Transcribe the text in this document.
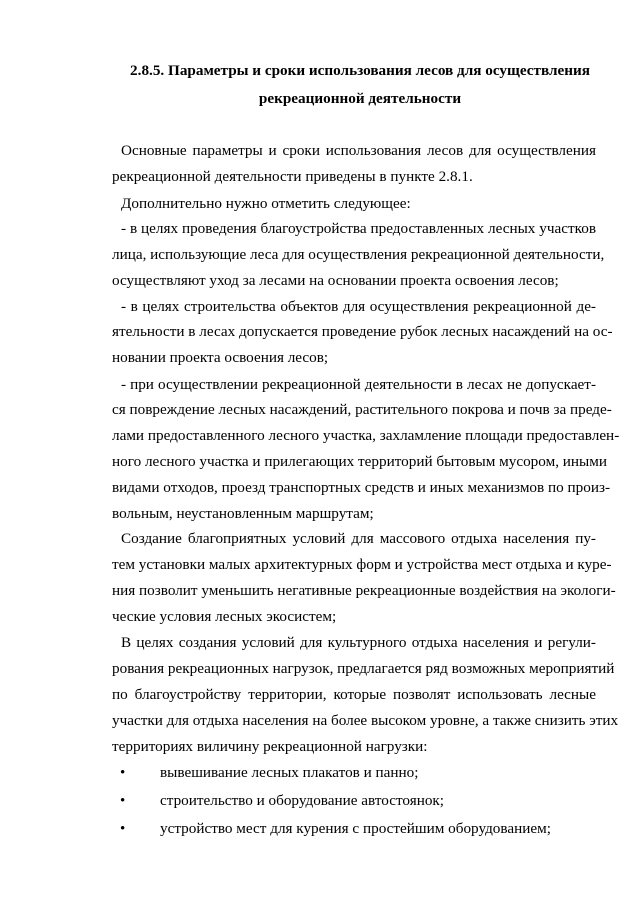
2.8.5. Параметры и сроки использования лесов для осуществления
рекреационной деятельности
Основные параметры и сроки использования лесов для осуществления
рекреационной деятельности приведены в пункте 2.8.1.
Дополнительно нужно отметить следующее:
- в целях проведения благоустройства предоставленных лесных участков
лица, использующие леса для осуществления рекреационной деятельности,
осуществляют уход за лесами на основании проекта освоения лесов;
- в целях строительства объектов для осуществления рекреационной де-
ятельности в лесах допускается проведение рубок лесных насаждений на ос-
новании проекта освоения лесов;
- при осуществлении рекреационной деятельности в лесах не допускает-
ся повреждение лесных насаждений, растительного покрова и почв за преде-
лами предоставленного лесного участка, захламление площади предоставлен-
ного лесного участка и прилегающих территорий бытовым мусором, иными
видами отходов, проезд транспортных средств и иных механизмов по произ-
вольным, неустановленным маршрутам;
Создание благоприятных условий для массового отдыха населения пу-
тем установки малых архитектурных форм и устройства мест отдыха и куре-
ния позволит уменьшить негативные рекреационные воздействия на экологи-
ческие условия лесных экосистем;
В целях создания условий для культурного отдыха населения и регули-
рования рекреационных нагрузок, предлагается ряд возможных мероприятий
по благоустройству территории, которые позволят использовать лесные
участки для отдыха населения на более высоком уровне, а также снизить этих
территориях виличину рекреационной нагрузки:
•	вывешивание лесных плакатов и панно;
•	строительство и оборудование автостоянок;
•	устройство мест для курения с простейшим оборудованием;
